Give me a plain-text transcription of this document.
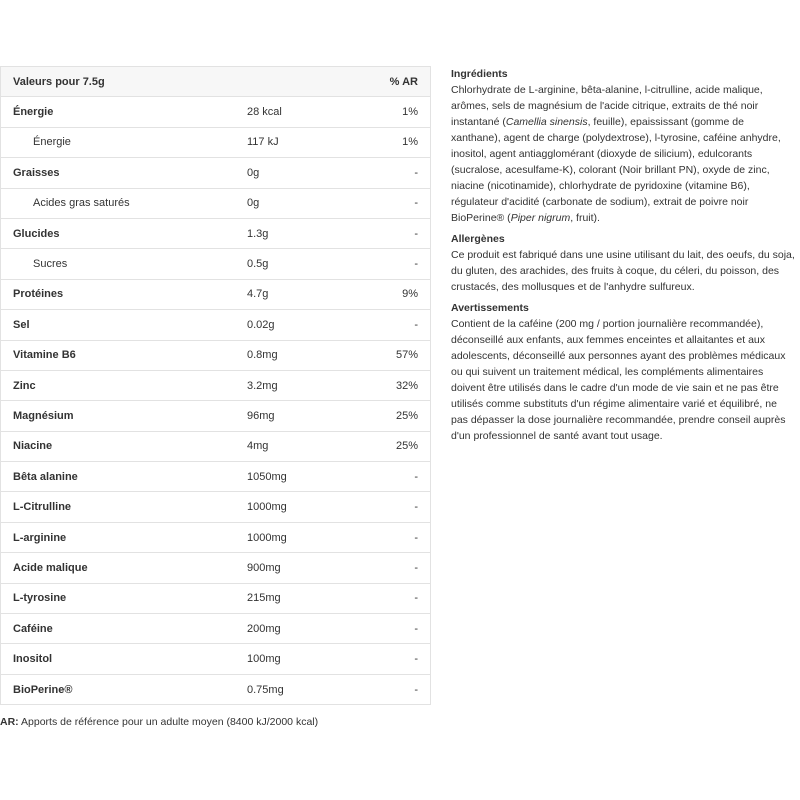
Valeurs pour 7.5g		% AR
Énergie	28 kcal	1%
Énergie	117 kJ	1%
Graisses	0g	-
Acides gras saturés	0g	-
Glucides	1.3g	-
Sucres	0.5g	-
Protéines	4.7g	9%
Sel	0.02g	-
Vitamine B6	0.8mg	57%
Zinc	3.2mg	32%
Magnésium	96mg	25%
Niacine	4mg	25%
Bêta alanine	1050mg	-
L-Citrulline	1000mg	-
L-arginine	1000mg	-
Acide malique	900mg	-
L-tyrosine	215mg	-
Caféine	200mg	-
Inositol	100mg	-
BioPerine®	0.75mg	-
AR: Apports de référence pour un adulte moyen (8400 kJ/2000 kcal)
Ingrédients

Chlorhydrate de L-arginine, bêta-alanine, l-citrulline, acide malique, arômes, sels de magnésium de l'acide citrique, extraits de thé noir instantané (Camellia sinensis, feuille), epaississant (gomme de xanthane), agent de charge (polydextrose), l-tyrosine, caféine anhydre, inositol, agent antiagglomérant (dioxyde de silicium), edulcorants (sucralose, acesulfame-K), colorant (Noir brillant PN), oxyde de zinc, niacine (nicotinamide), chlorhydrate de pyridoxine (vitamine B6), régulateur d'acidité (carbonate de sodium), extrait de poivre noir BioPerine® (Piper nigrum, fruit).

Allergènes

Ce produit est fabriqué dans une usine utilisant du lait, des oeufs, du soja, du gluten, des arachides, des fruits à coque, du céleri, du poisson, des crustacés, des mollusques et de l'anhydre sulfureux.

Avertissements

Contient de la caféine (200 mg / portion journalière recommandée), déconseillé aux enfants, aux femmes enceintes et allaitantes et aux adolescents, déconseillé aux personnes ayant des problèmes médicaux ou qui suivent un traitement médical, les compléments alimentaires doivent être utilisés dans le cadre d'un mode de vie sain et ne pas être utilisés comme substituts d'un régime alimentaire varié et équilibré, ne pas dépasser la dose journalière recommandée, prendre conseil auprès d'un professionnel de santé avant tout usage.
